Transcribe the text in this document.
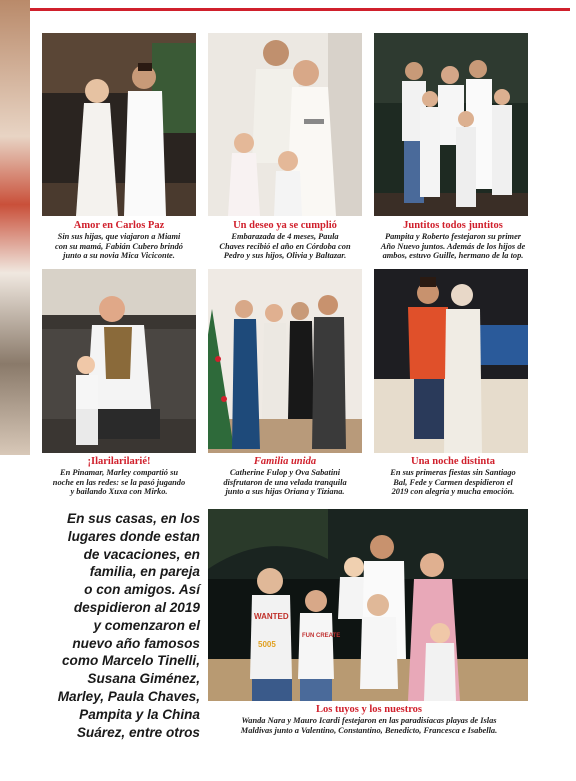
Amor en Carlos Paz
Sin sus hijas, que viajaron a Miami
con su mamá, Fabián Cubero brindó
junto a su novia Mica Viciconte.
Un deseo ya se cumplió
Embarazada de 4 meses, Paula
Chaves recibió el año en Córdoba con
Pedro y sus hijos, Olivia y Baltazar.
Juntitos todos juntitos
Pampita y Roberto festejaron su primer
Año Nuevo juntos. Además de los hijos de
ambos, estuvo Guille, hermano de la top.
¡Ilarilarilarié!
En Pinamar, Marley compartió su
noche en las redes: se la pasó jugando
y bailando Xuxa con Mirko.
Familia unida
Catherine Fulop y Ova Sabatini
disfrutaron de una velada tranquila
junto a sus hijas Oriana y Tiziana.
Una noche distinta
En sus primeras fiestas sin Santiago
Bal, Fede y Carmen despidieron el
2019 con alegría y mucha emoción.
En sus casas, en los
lugares donde estan
de vacaciones, en
familia, en pareja
o con amigos. Así
despidieron al 2019
y comenzaron el
nuevo año famosos
como Marcelo Tinelli,
Susana Giménez,
Marley, Paula Chaves,
Pampita y la China
Suárez, entre otros
WANTED
5005
FUN CREATE
Los tuyos y los nuestros
Wanda Nara y Mauro Icardi festejaron en las paradisíacas playas de Islas
Maldivas junto a Valentino, Constantino, Benedicto, Francesca e Isabella.
